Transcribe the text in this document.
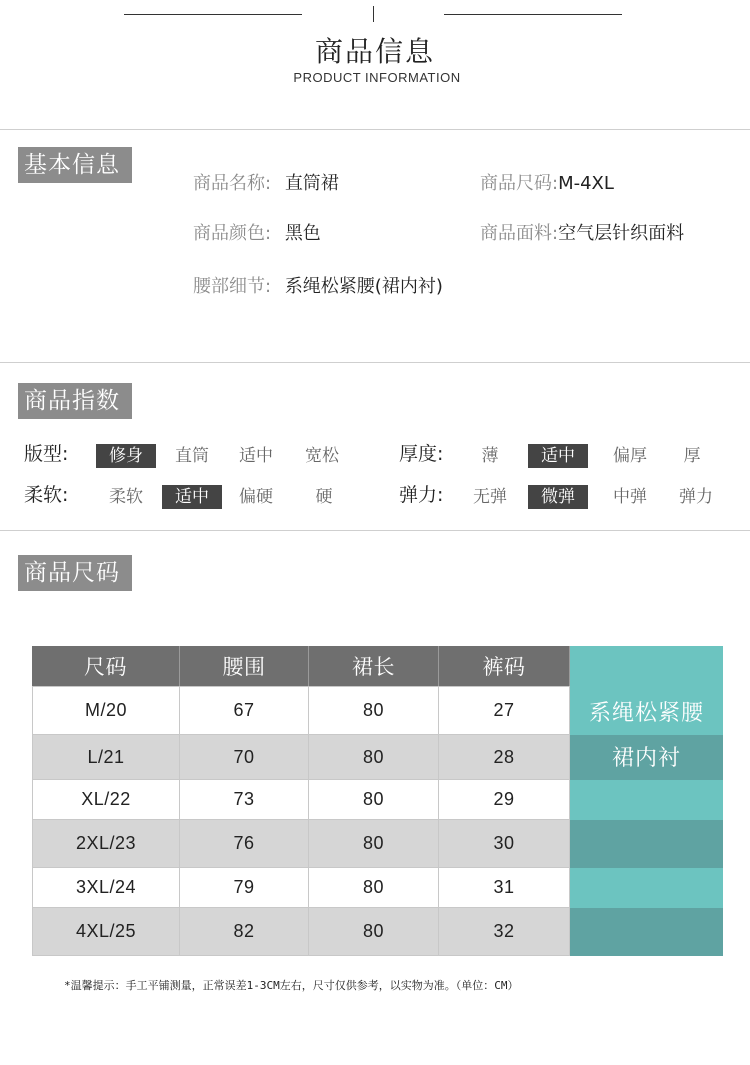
商品信息
PRODUCT INFORMATION
基本信息
商品名称: 直筒裙	商品尺码:M-4XL
商品颜色: 黑色	商品面料:空气层针织面料
腰部细节: 系绳松紧腰(裙内衬)
商品指数
版型:	修身	直筒	适中	宽松	厚度:	薄	适中	偏厚	厚
柔软:	柔软	适中	偏硬	硬	弹力:	无弹	微弹	中弹	弹力
商品尺码
尺码	腰围	裙长	裤码
M/20	67	80	27
L/21	70	80	28
XL/22	73	80	29
2XL/23	76	80	30
3XL/24	79	80	31
4XL/25	82	80	32
系绳松紧腰
裙内衬
*温馨提示：手工平铺测量，正常误差1-3CM左右，尺寸仅供参考，以实物为准。（单位：CM）
